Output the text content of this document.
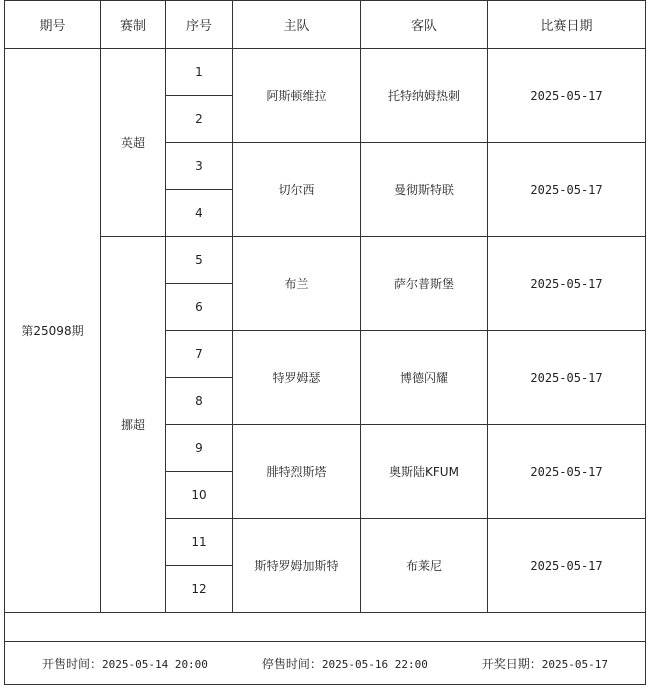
期号	赛制	序号	主队	客队	比赛日期
第25098期	英超	1	阿斯顿维拉	托特纳姆热刺	2025-05-17
		2			
		3	切尔西	曼彻斯特联	2025-05-17
		4			
	挪超	5	布兰	萨尔普斯堡	2025-05-17
		6			
		7	特罗姆瑟	博德闪耀	2025-05-17
		8			
		9	腓特烈斯塔	奥斯陆KFUM	2025-05-17
		10			
		11	斯特罗姆加斯特	布莱尼	2025-05-17
		12			

开售时间：2025-05-14 20:00 停售时间：2025-05-16 22:00 开奖日期：2025-05-17					
